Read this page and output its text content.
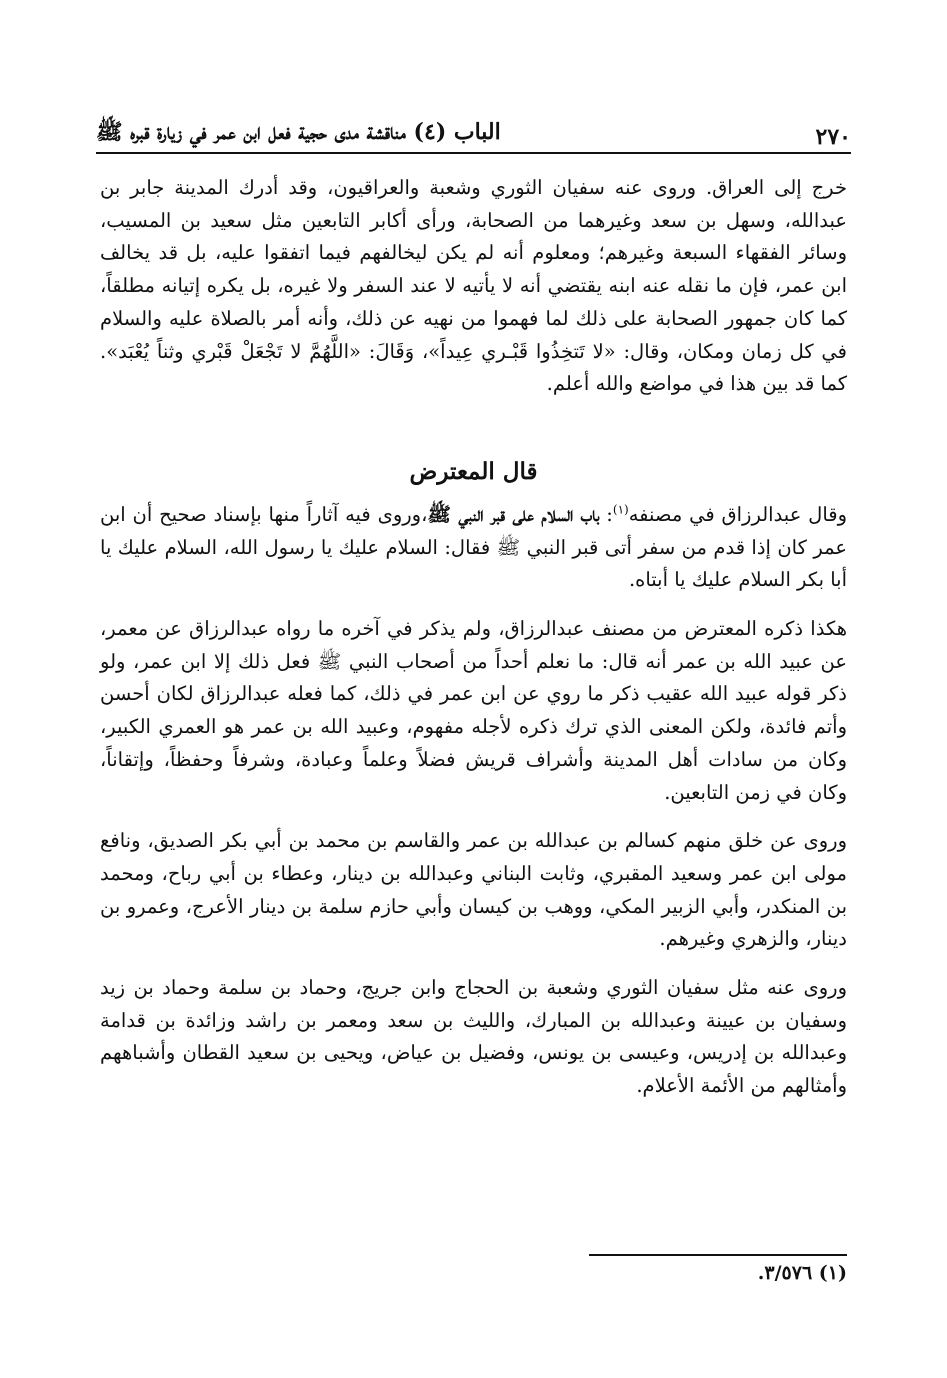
٢٧٠
الباب (٤) مناقشة مدى حجية فعل ابن عمر في زيارة قبره ﷺ

خرج إلى العراق. وروى عنه سفيان الثوري وشعبة والعراقيون، وقد أدرك المدينة جابر بن عبدالله، وسهل بن سعد وغيرهما من الصحابة، ورأى أكابر التابعين مثل سعيد بن المسيب، وسائر الفقهاء السبعة وغيرهم؛ ومعلوم أنه لم يكن ليخالفهم فيما اتفقوا عليه، بل قد يخالف ابن عمر، فإن ما نقله عنه ابنه يقتضي أنه لا يأتيه لا عند السفر ولا غيره، بل يكره إتيانه مطلقاً، كما كان جمهور الصحابة على ذلك لما فهموا من نهيه عن ذلك، وأنه أمر بالصلاة عليه والسلام في كل زمان ومكان، وقال: «لا تَتخِذُوا قَبْـري عِيداً»، وَقَالَ: «اللَّهُمَّ لا تَجْعَلْ قَبْري وثناً يُعْبَد». كما قد بين هذا في مواضع والله أعلم.

قال المعترض

وقال عبدالرزاق في مصنفه$^{(١)}$: باب السلام على قبر النبي ﷺ،وروى فيه آثاراً منها بإسناد صحيح أن ابن عمر كان إذا قدم من سفر أتى قبر النبي ﷺ فقال: السلام عليك يا رسول الله، السلام عليك يا أبا بكر السلام عليك يا أبتاه.

هكذا ذكره المعترض من مصنف عبدالرزاق، ولم يذكر في آخره ما رواه عبدالرزاق عن معمر، عن عبيد الله بن عمر أنه قال: ما نعلم أحداً من أصحاب النبي ﷺ فعل ذلك إلا ابن عمر، ولو ذكر قوله عبيد الله عقيب ذكر ما روي عن ابن عمر في ذلك، كما فعله عبدالرزاق لكان أحسن وأتم فائدة، ولكن المعنى الذي ترك ذكره لأجله مفهوم، وعبيد الله بن عمر هو العمري الكبير، وكان من سادات أهل المدينة وأشراف قريش فضلاً وعلماً وعبادة، وشرفاً وحفظاً، وإتقاناً، وكان في زمن التابعين.

وروى عن خلق منهم كسالم بن عبدالله بن عمر والقاسم بن محمد بن أبي بكر الصديق، ونافع مولى ابن عمر وسعيد المقبري، وثابت البناني وعبدالله بن دينار، وعطاء بن أبي رباح، ومحمد بن المنكدر، وأبي الزبير المكي، ووهب بن كيسان وأبي حازم سلمة بن دينار الأعرج، وعمرو بن دينار، والزهري وغيرهم.

وروى عنه مثل سفيان الثوري وشعبة بن الحجاج وابن جريج، وحماد بن سلمة وحماد بن زيد وسفيان بن عيينة وعبدالله بن المبارك، والليث بن سعد ومعمر بن راشد وزائدة بن قدامة وعبدالله بن إدريس، وعيسى بن يونس، وفضيل بن عياض، ويحيى بن سعيد القطان وأشباههم وأمثالهم من الأئمة الأعلام.

(١) ٣/٥٧٦.
